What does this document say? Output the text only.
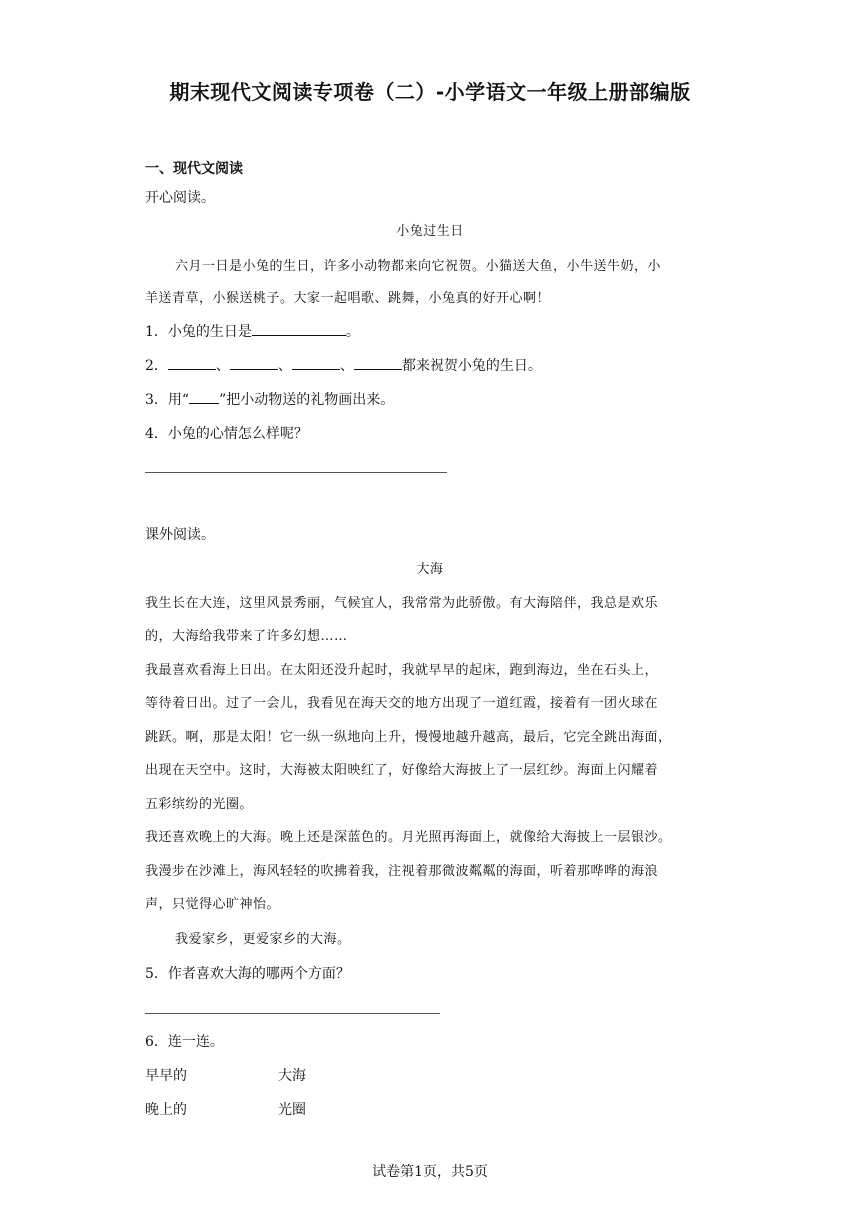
期末现代文阅读专项卷（二）-小学语文一年级上册部编版
一、现代文阅读
开心阅读。
小兔过生日
六月一日是小兔的生日，许多小动物都来向它祝贺。小猫送大鱼，小牛送牛奶，小
羊送青草，小猴送桃子。大家一起唱歌、跳舞，小兔真的好开心啊！
1．小兔的生日是	。
2．	、	、	、	都来祝贺小兔的生日。
3．用“ ”把小动物送的礼物画出来。
4．小兔的心情怎么样呢？
课外阅读。
大海
我生长在大连，这里风景秀丽，气候宜人，我常常为此骄傲。有大海陪伴，我总是欢乐
的，大海给我带来了许多幻想……
我最喜欢看海上日出。在太阳还没升起时，我就早早的起床，跑到海边，坐在石头上，
等待着日出。过了一会儿，我看见在海天交的地方出现了一道红霞，接着有一团火球在
跳跃。啊，那是太阳！它一纵一纵地向上升，慢慢地越升越高，最后，它完全跳出海面，
出现在天空中。这时，大海被太阳映红了，好像给大海披上了一层红纱。海面上闪耀着
五彩缤纷的光圈。
我还喜欢晚上的大海。晚上还是深蓝色的。月光照再海面上，就像给大海披上一层银沙。
我漫步在沙滩上，海风轻轻的吹拂着我，注视着那微波粼粼的海面，听着那哗哗的海浪
声，只觉得心旷神怡。
我爱家乡，更爱家乡的大海。
5．作者喜欢大海的哪两个方面？
6．连一连。
早早的	大海
晚上的	光圈
试卷第1页，共5页
